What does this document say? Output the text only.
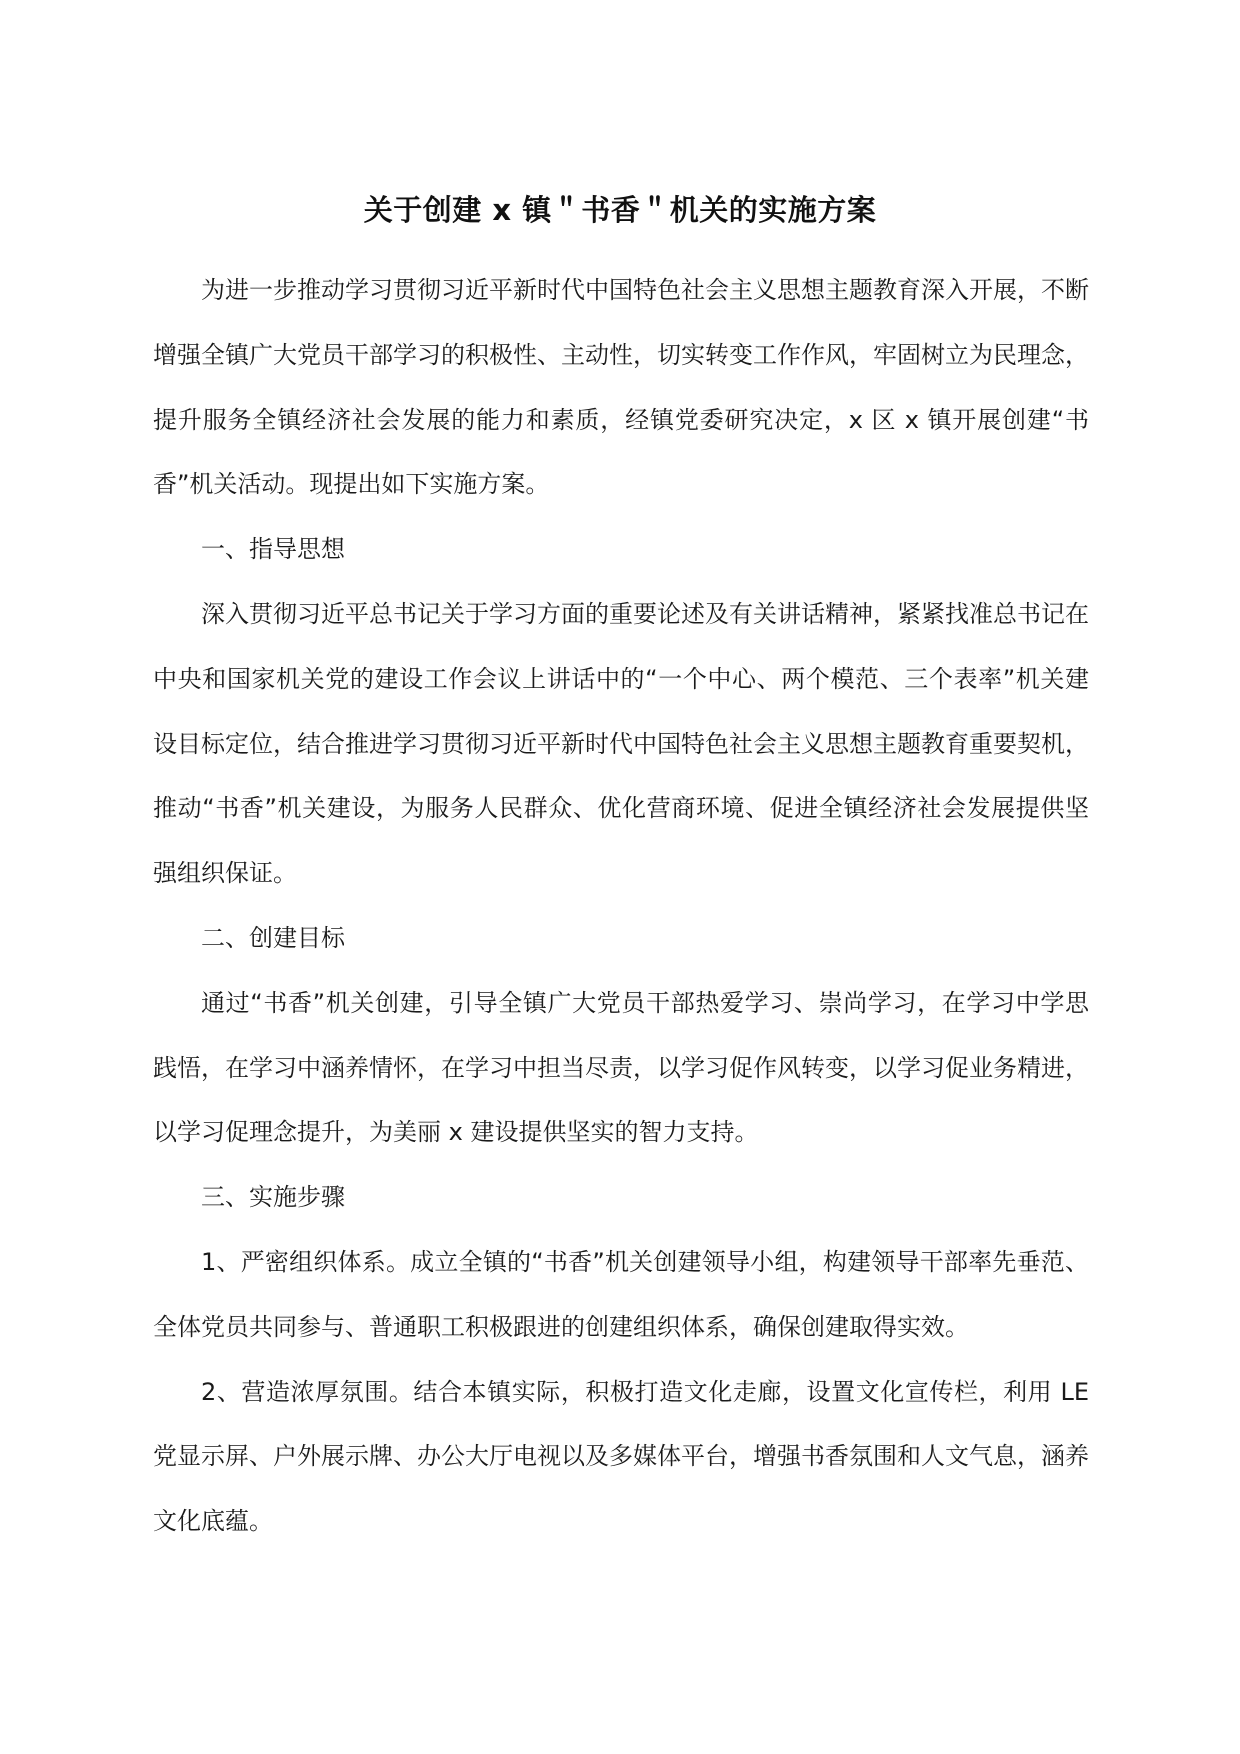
关于创建 x 镇＂书香＂机关的实施方案

为进一步推动学习贯彻习近平新时代中国特色社会主义思想主题教育深入开展，不断增强全镇广大党员干部学习的积极性、主动性，切实转变工作作风，牢固树立为民理念，提升服务全镇经济社会发展的能力和素质，经镇党委研究决定，x 区 x 镇开展创建“书香”机关活动。现提出如下实施方案。

一、指导思想

深入贯彻习近平总书记关于学习方面的重要论述及有关讲话精神，紧紧找准总书记在中央和国家机关党的建设工作会议上讲话中的“一个中心、两个模范、三个表率”机关建设目标定位，结合推进学习贯彻习近平新时代中国特色社会主义思想主题教育重要契机，推动“书香”机关建设，为服务人民群众、优化营商环境、促进全镇经济社会发展提供坚强组织保证。

二、创建目标

通过“书香”机关创建，引导全镇广大党员干部热爱学习、崇尚学习，在学习中学思践悟，在学习中涵养情怀，在学习中担当尽责，以学习促作风转变，以学习促业务精进，以学习促理念提升，为美丽 x 建设提供坚实的智力支持。

三、实施步骤

1、严密组织体系。成立全镇的“书香”机关创建领导小组，构建领导干部率先垂范、全体党员共同参与、普通职工积极跟进的创建组织体系，确保创建取得实效。

2、营造浓厚氛围。结合本镇实际，积极打造文化走廊，设置文化宣传栏，利用 LE 党显示屏、户外展示牌、办公大厅电视以及多媒体平台，增强书香氛围和人文气息，涵养文化底蕴。
